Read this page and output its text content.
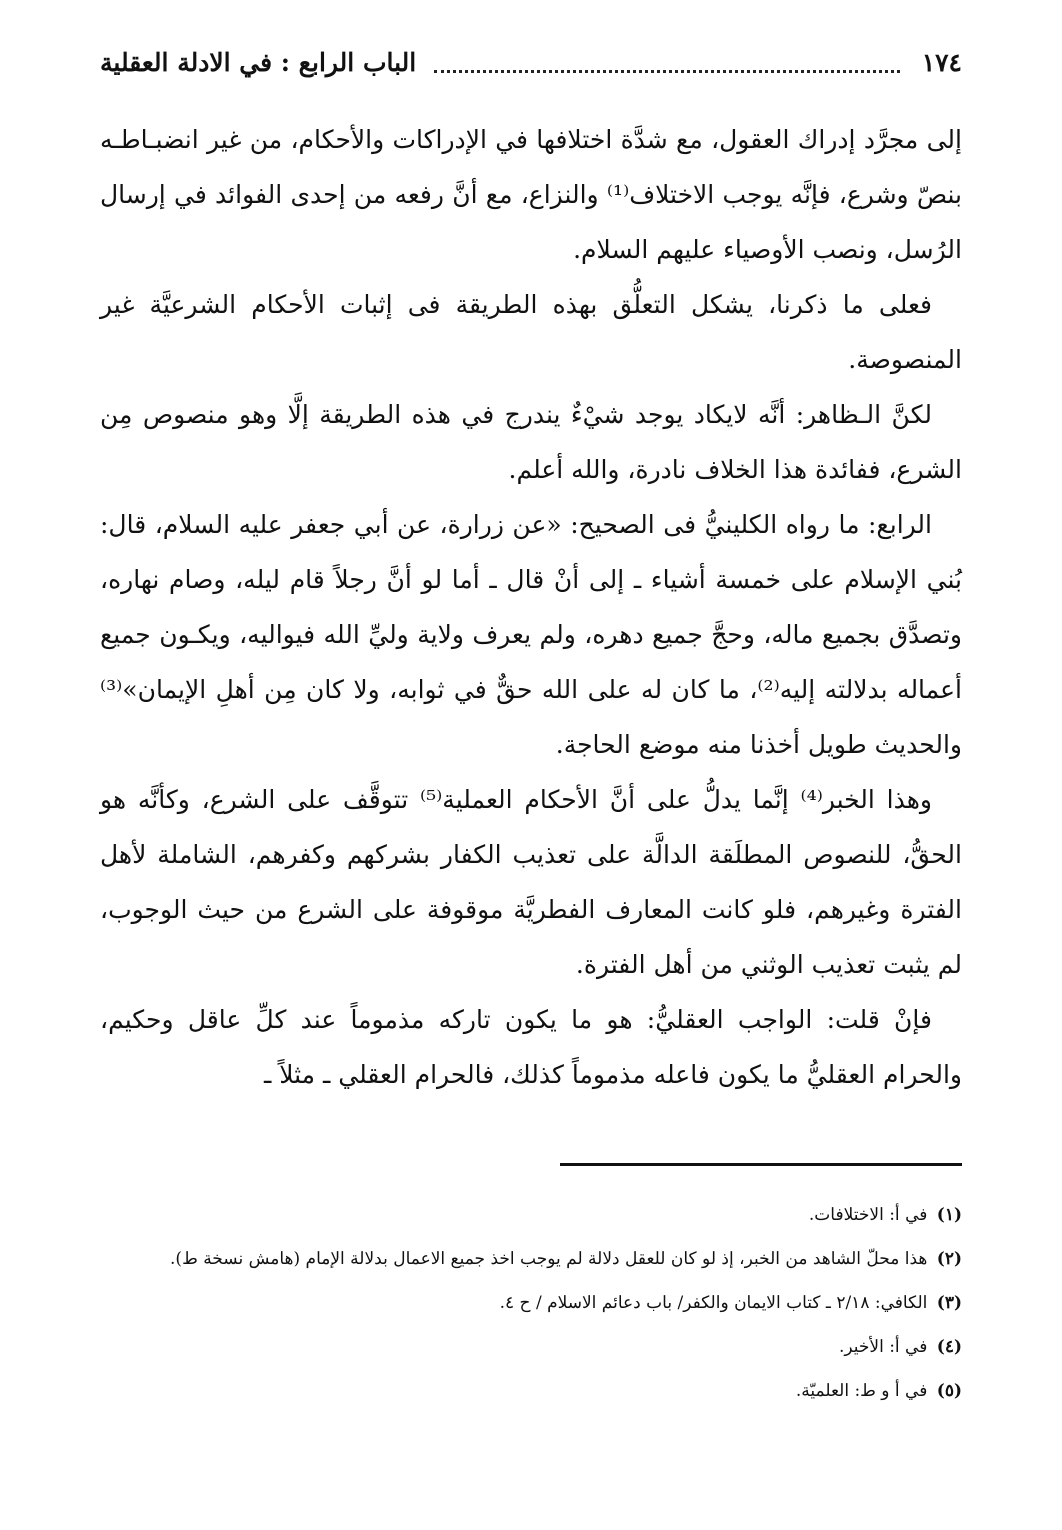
١٧٤
الباب الرابع : في الادلة العقلية

إلى مجرَّد إدراك العقول، مع شدَّة اختلافها في الإدراكات والأحكام، من غير انضبـاطـه بنصّ وشرع، فإنَّه يوجب الاختلاف⁽¹⁾ والنزاع، مع أنَّ رفعه من إحدى الفوائد في إرسال الرُسل، ونصب الأوصياء عليهم السلام.

فعلى ما ذكرنا، يشكل التعلُّق بهذه الطريقة فى إثبات الأحكام الشرعيَّة غير المنصوصة.

لكنَّ الـظاهر: أنَّه لايكاد يوجد شيْءٌ يندرج في هذه الطريقة إلَّا وهو منصوص مِن الشرع، ففائدة هذا الخلاف نادرة، والله أعلم.

الرابع: ما رواه الكلينيُّ فى الصحيح: «عن زرارة، عن أبي جعفر عليه السلام، قال: بُني الإسلام على خمسة أشياء ـ إلى أنْ قال ـ أما لو أنَّ رجلاً قام ليله، وصام نهاره، وتصدَّق بجميع ماله، وحجَّ جميع دهره، ولم يعرف ولاية وليِّ الله فيواليه، ويكـون جميع أعماله بدلالته إليه⁽²⁾، ما كان له على الله حقٌّ في ثوابه، ولا كان مِن أهلِ الإيمان»⁽³⁾ والحديث طويل أخذنا منه موضع الحاجة.

وهذا الخبر⁽⁴⁾ إنَّما يدلُّ على أنَّ الأحكام العملية⁽⁵⁾ تتوقَّف على الشرع، وكأنَّه هو الحقُّ، للنصوص المطلَقة الدالَّة على تعذيب الكفار بشركهم وكفرهم، الشاملة لأهل الفترة وغيرهم، فلو كانت المعارف الفطريَّة موقوفة على الشرع من حيث الوجوب، لم يثبت تعذيب الوثني من أهل الفترة.

فإنْ قلت: الواجب العقليُّ: هو ما يكون تاركه مذموماً عند كلِّ عاقل وحكيم، والحرام العقليُّ ما يكون فاعله مذموماً كذلك، فالحرام العقلي ـ مثلاً ـ

(١) في أ: الاختلافات.

(٢) هذا محلّ الشاهد من الخبر، إذ لو كان للعقل دلالة لم يوجب اخذ جميع الاعمال بدلالة الإمام (هامش نسخة ط).

(٣) الكافي: ٢/١٨ ـ كتاب الايمان والكفر/ باب دعائم الاسلام / ح ٤.

(٤) في أ: الأخير.

(٥) في أ و ط: العلميّة.
